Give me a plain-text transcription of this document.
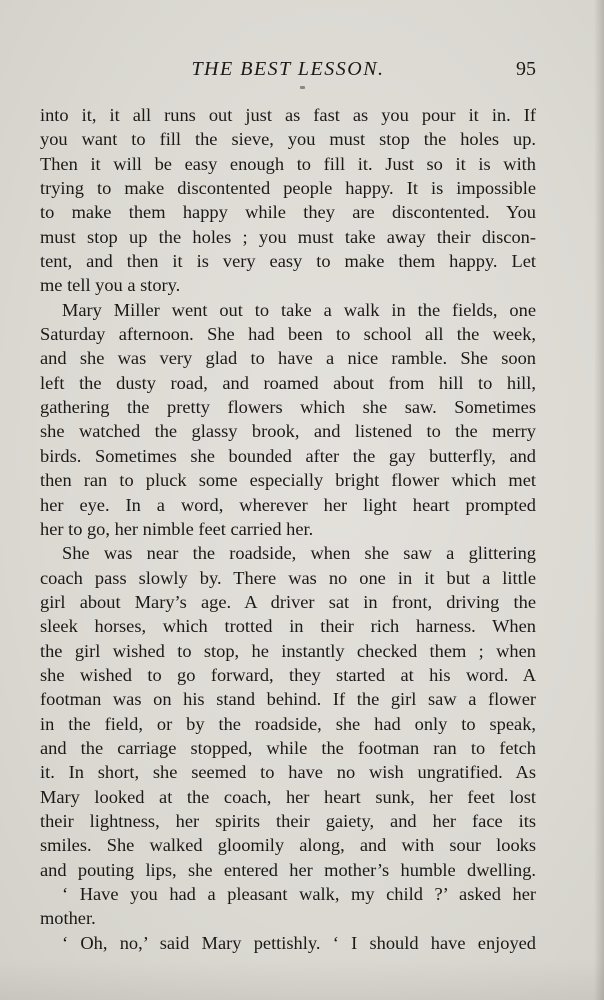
THE BEST LESSON.	95

into it, it all runs out just as fast as you pour it in. If

you want to fill the sieve, you must stop the holes up.

Then it will be easy enough to fill it. Just so it is with

trying to make discontented people happy. It is impossible

to make them happy while they are discontented. You

must stop up the holes ; you must take away their discon-

tent, and then it is very easy to make them happy. Let

me tell you a story.

Mary Miller went out to take a walk in the fields, one

Saturday afternoon. She had been to school all the week,

and she was very glad to have a nice ramble. She soon

left the dusty road, and roamed about from hill to hill,

gathering the pretty flowers which she saw. Sometimes

she watched the glassy brook, and listened to the merry

birds. Sometimes she bounded after the gay butterfly, and

then ran to pluck some especially bright flower which met

her eye. In a word, wherever her light heart prompted

her to go, her nimble feet carried her.

She was near the roadside, when she saw a glittering

coach pass slowly by. There was no one in it but a little

girl about Mary’s age. A driver sat in front, driving the

sleek horses, which trotted in their rich harness. When

the girl wished to stop, he instantly checked them ; when

she wished to go forward, they started at his word. A

footman was on his stand behind. If the girl saw a flower

in the field, or by the roadside, she had only to speak,

and the carriage stopped, while the footman ran to fetch

it. In short, she seemed to have no wish ungratified. As

Mary looked at the coach, her heart sunk, her feet lost

their lightness, her spirits their gaiety, and her face its

smiles. She walked gloomily along, and with sour looks

and pouting lips, she entered her mother’s humble dwelling.

‘ Have you had a pleasant walk, my child ?’ asked her

mother.

‘ Oh, no,’ said Mary pettishly. ‘ I should have enjoyed
